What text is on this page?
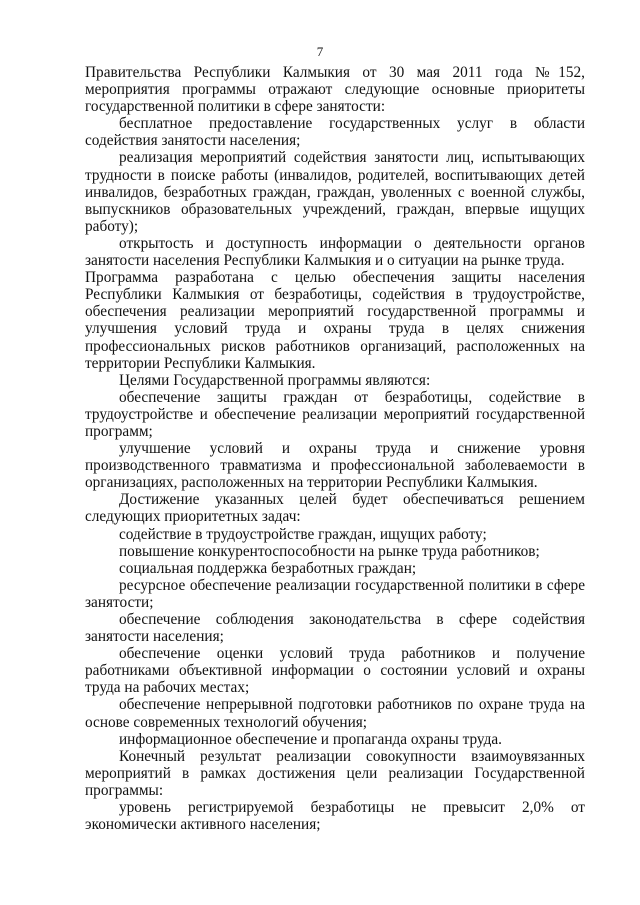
7

Правительства Республики Калмыкия от 30 мая 2011 года №152, мероприятия программы отражают следующие основные приоритеты государственной политики в сфере занятости:

бесплатное предоставление государственных услуг в области содействия занятости населения;

реализация мероприятий содействия занятости лиц, испытывающих трудности в поиске работы (инвалидов, родителей, воспитывающих детей инвалидов, безработных граждан, граждан, уволенных с военной службы, выпускников образовательных учреждений, граждан, впервые ищущих работу);

открытость и доступность информации о деятельности органов занятости населения Республики Калмыкия и о ситуации на рынке труда.

Программа разработана с целью обеспечения защиты населения Республики Калмыкия от безработицы, содействия в трудоустройстве, обеспечения реализации мероприятий государственной программы и улучшения условий труда и охраны труда в целях снижения профессиональных рисков работников организаций, расположенных на территории Республики Калмыкия.

Целями Государственной программы являются:

обеспечение защиты граждан от безработицы, содействие в трудоустройстве и обеспечение реализации мероприятий государственной программ;

улучшение условий и охраны труда и снижение уровня производственного травматизма и профессиональной заболеваемости в организациях, расположенных на территории Республики Калмыкия.

Достижение указанных целей будет обеспечиваться решением следующих приоритетных задач:

содействие в трудоустройстве граждан, ищущих работу;

повышение конкурентоспособности на рынке труда работников;

социальная поддержка безработных граждан;

ресурсное обеспечение реализации государственной политики в сфере занятости;

обеспечение соблюдения законодательства в сфере содействия занятости населения;

обеспечение оценки условий труда работников и получение работниками объективной информации о состоянии условий и охраны труда на рабочих местах;

обеспечение непрерывной подготовки работников по охране труда на основе современных технологий обучения;

информационное обеспечение и пропаганда охраны труда.

Конечный результат реализации совокупности взаимоувязанных мероприятий в рамках достижения цели реализации Государственной программы:

уровень регистрируемой безработицы не превысит 2,0% от экономически активного населения;
